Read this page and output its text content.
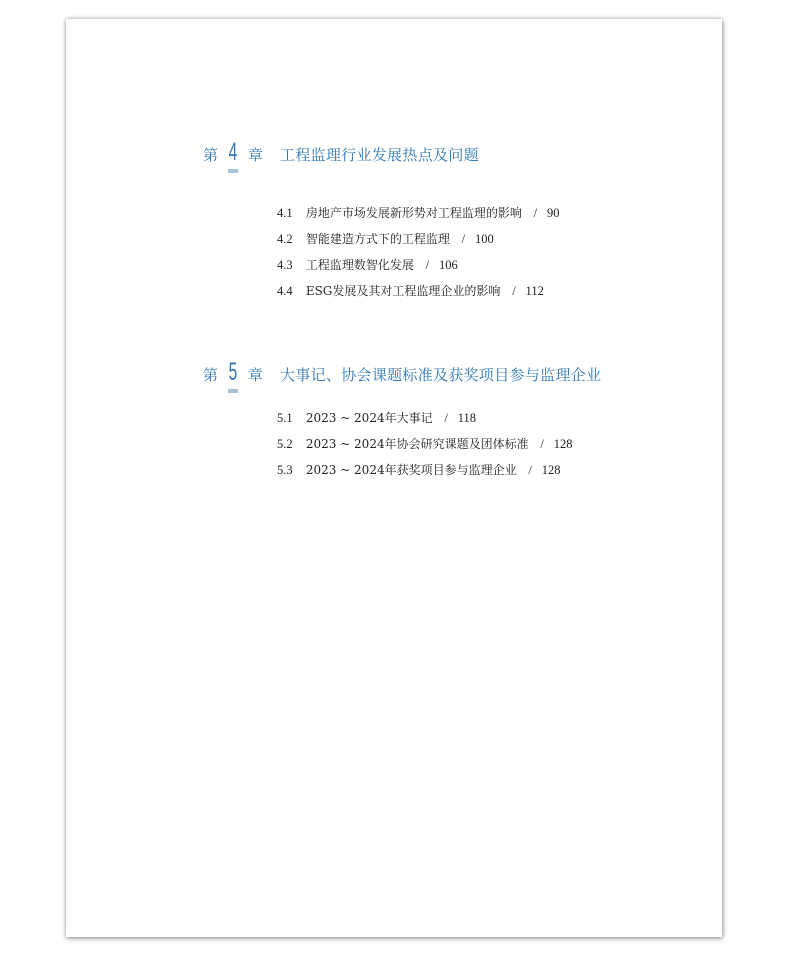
第 4 章 工程监理行业发展热点及问题
4.1 房地产市场发展新形势对工程监理的影响 / 90
4.2 智能建造方式下的工程监理 / 100
4.3 工程监理数智化发展 / 106
4.4 ESG发展及其对工程监理企业的影响 / 112
第 5 章 大事记、协会课题标准及获奖项目参与监理企业
5.1 2023 ~ 2024年大事记 / 118
5.2 2023 ~ 2024年协会研究课题及团体标准 / 128
5.3 2023 ~ 2024年获奖项目参与监理企业 / 128
